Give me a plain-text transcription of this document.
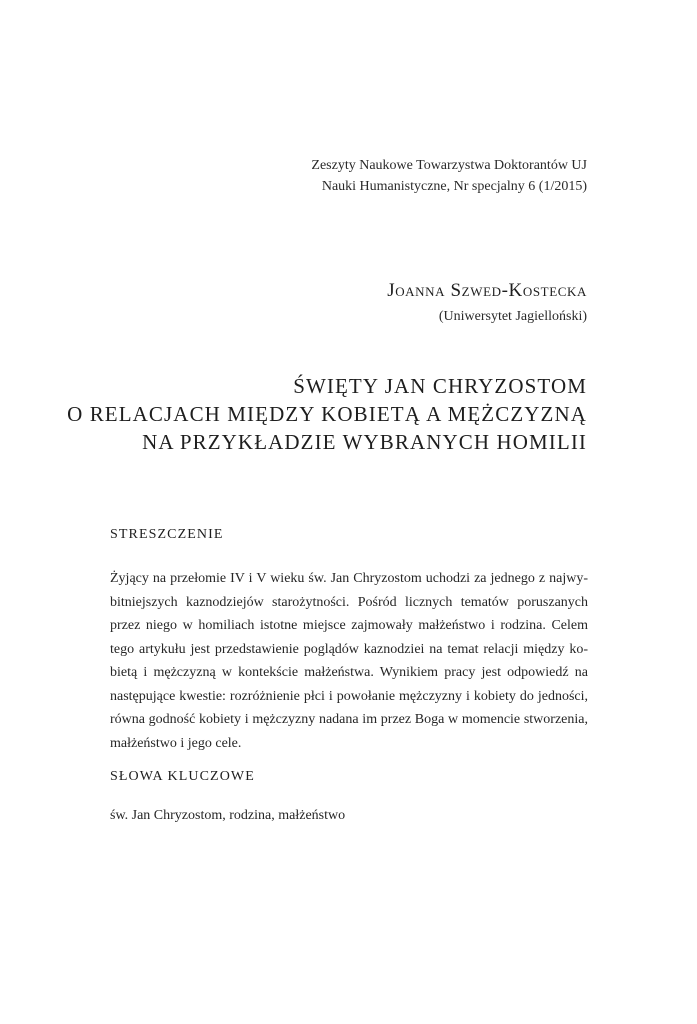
Zeszyty Naukowe Towarzystwa Doktorantów UJ
Nauki Humanistyczne, Nr specjalny 6 (1/2015)
Joanna Szwed-Kostecka
(Uniwersytet Jagielloński)
ŚWIĘTY JAN CHRYZOSTOM
O RELACJACH MIĘDZY KOBIETĄ A MĘŻCZYZNĄ
NA PRZYKŁADZIE WYBRANYCH HOMILII
STRESZCZENIE
Żyjący na przełomie IV i V wieku św. Jan Chryzostom uchodzi za jednego z najwy-
bitniejszych kaznodziejów starożytności. Pośród licznych tematów poruszanych
przez niego w homiliach istotne miejsce zajmowały małżeństwo i rodzina. Celem
tego artykułu jest przedstawienie poglądów kaznodziei na temat relacji między ko-
bietą i mężczyzną w kontekście małżeństwa. Wynikiem pracy jest odpowiedź na
następujące kwestie: rozróżnienie płci i powołanie mężczyzny i kobiety do jedności,
równa godność kobiety i mężczyzny nadana im przez Boga w momencie stworzenia,
małżeństwo i jego cele.
SŁOWA KLUCZOWE
św. Jan Chryzostom, rodzina, małżeństwo
